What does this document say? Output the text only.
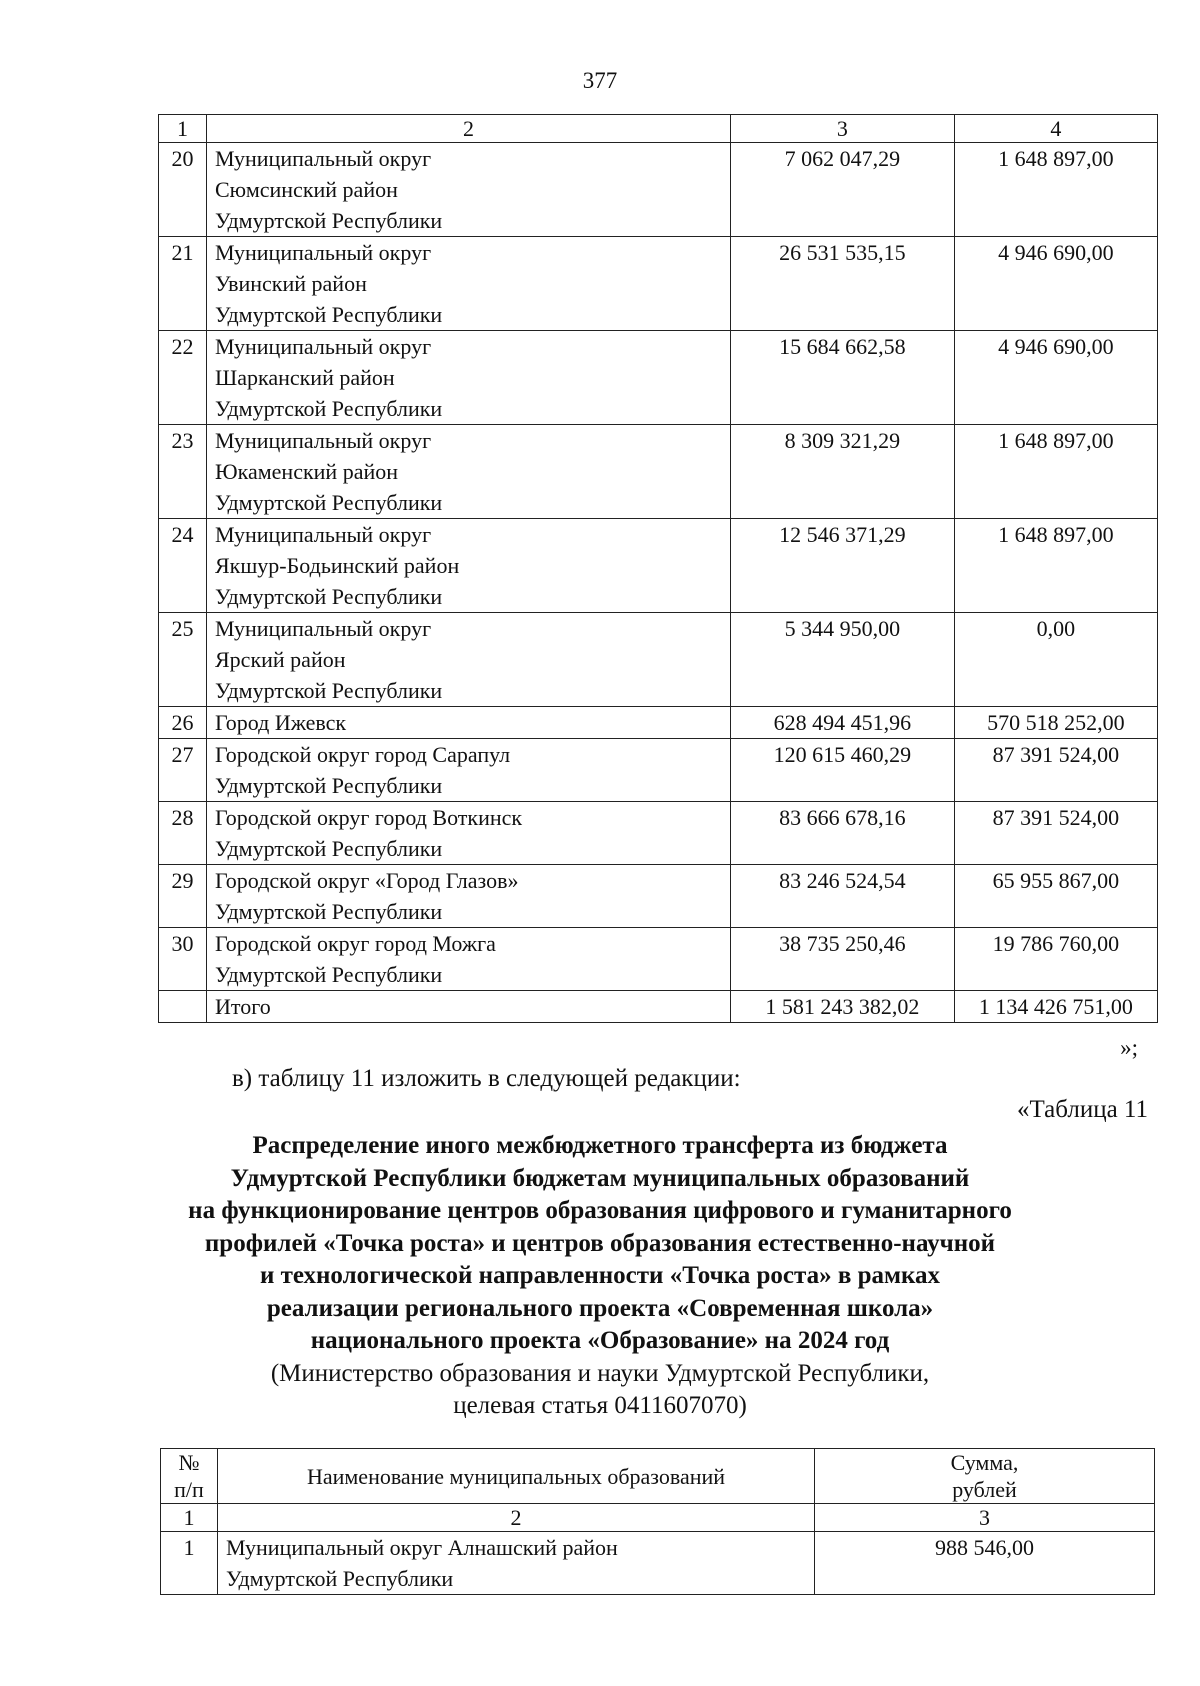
377
1	2	3	4
20	Муниципальный округ
Сюмсинский район
Удмуртской Республики	7 062 047,29	1 648 897,00
21	Муниципальный округ
Увинский район
Удмуртской Республики	26 531 535,15	4 946 690,00
22	Муниципальный округ
Шарканский район
Удмуртской Республики	15 684 662,58	4 946 690,00
23	Муниципальный округ
Юкаменский район
Удмуртской Республики	8 309 321,29	1 648 897,00
24	Муниципальный округ
Якшур-Бодьинский район
Удмуртской Республики	12 546 371,29	1 648 897,00
25	Муниципальный округ
Ярский район
Удмуртской Республики	5 344 950,00	0,00
26	Город Ижевск	628 494 451,96	570 518 252,00
27	Городской округ город Сарапул
Удмуртской Республики	120 615 460,29	87 391 524,00
28	Городской округ город Воткинск
Удмуртской Республики	83 666 678,16	87 391 524,00
29	Городской округ «Город Глазов»
Удмуртской Республики	83 246 524,54	65 955 867,00
30	Городской округ город Можга
Удмуртской Республики	38 735 250,46	19 786 760,00
	Итого	1 581 243 382,02	1 134 426 751,00
»;
в) таблицу 11 изложить в следующей редакции:
«Таблица 11
Распределение иного межбюджетного трансферта из бюджета
Удмуртской Республики бюджетам муниципальных образований
на функционирование центров образования цифрового и гуманитарного
профилей «Точка роста» и центров образования естественно-научной
и технологической направленности «Точка роста» в рамках
реализации регионального проекта «Современная школа»
национального проекта «Образование» на 2024 год
(Министерство образования и науки Удмуртской Республики,
целевая статья 0411607070)
№
п/п	Наименование муниципальных образований	Сумма,
рублей
1	2	3
1	Муниципальный округ Алнашский район
Удмуртской Республики	988 546,00
